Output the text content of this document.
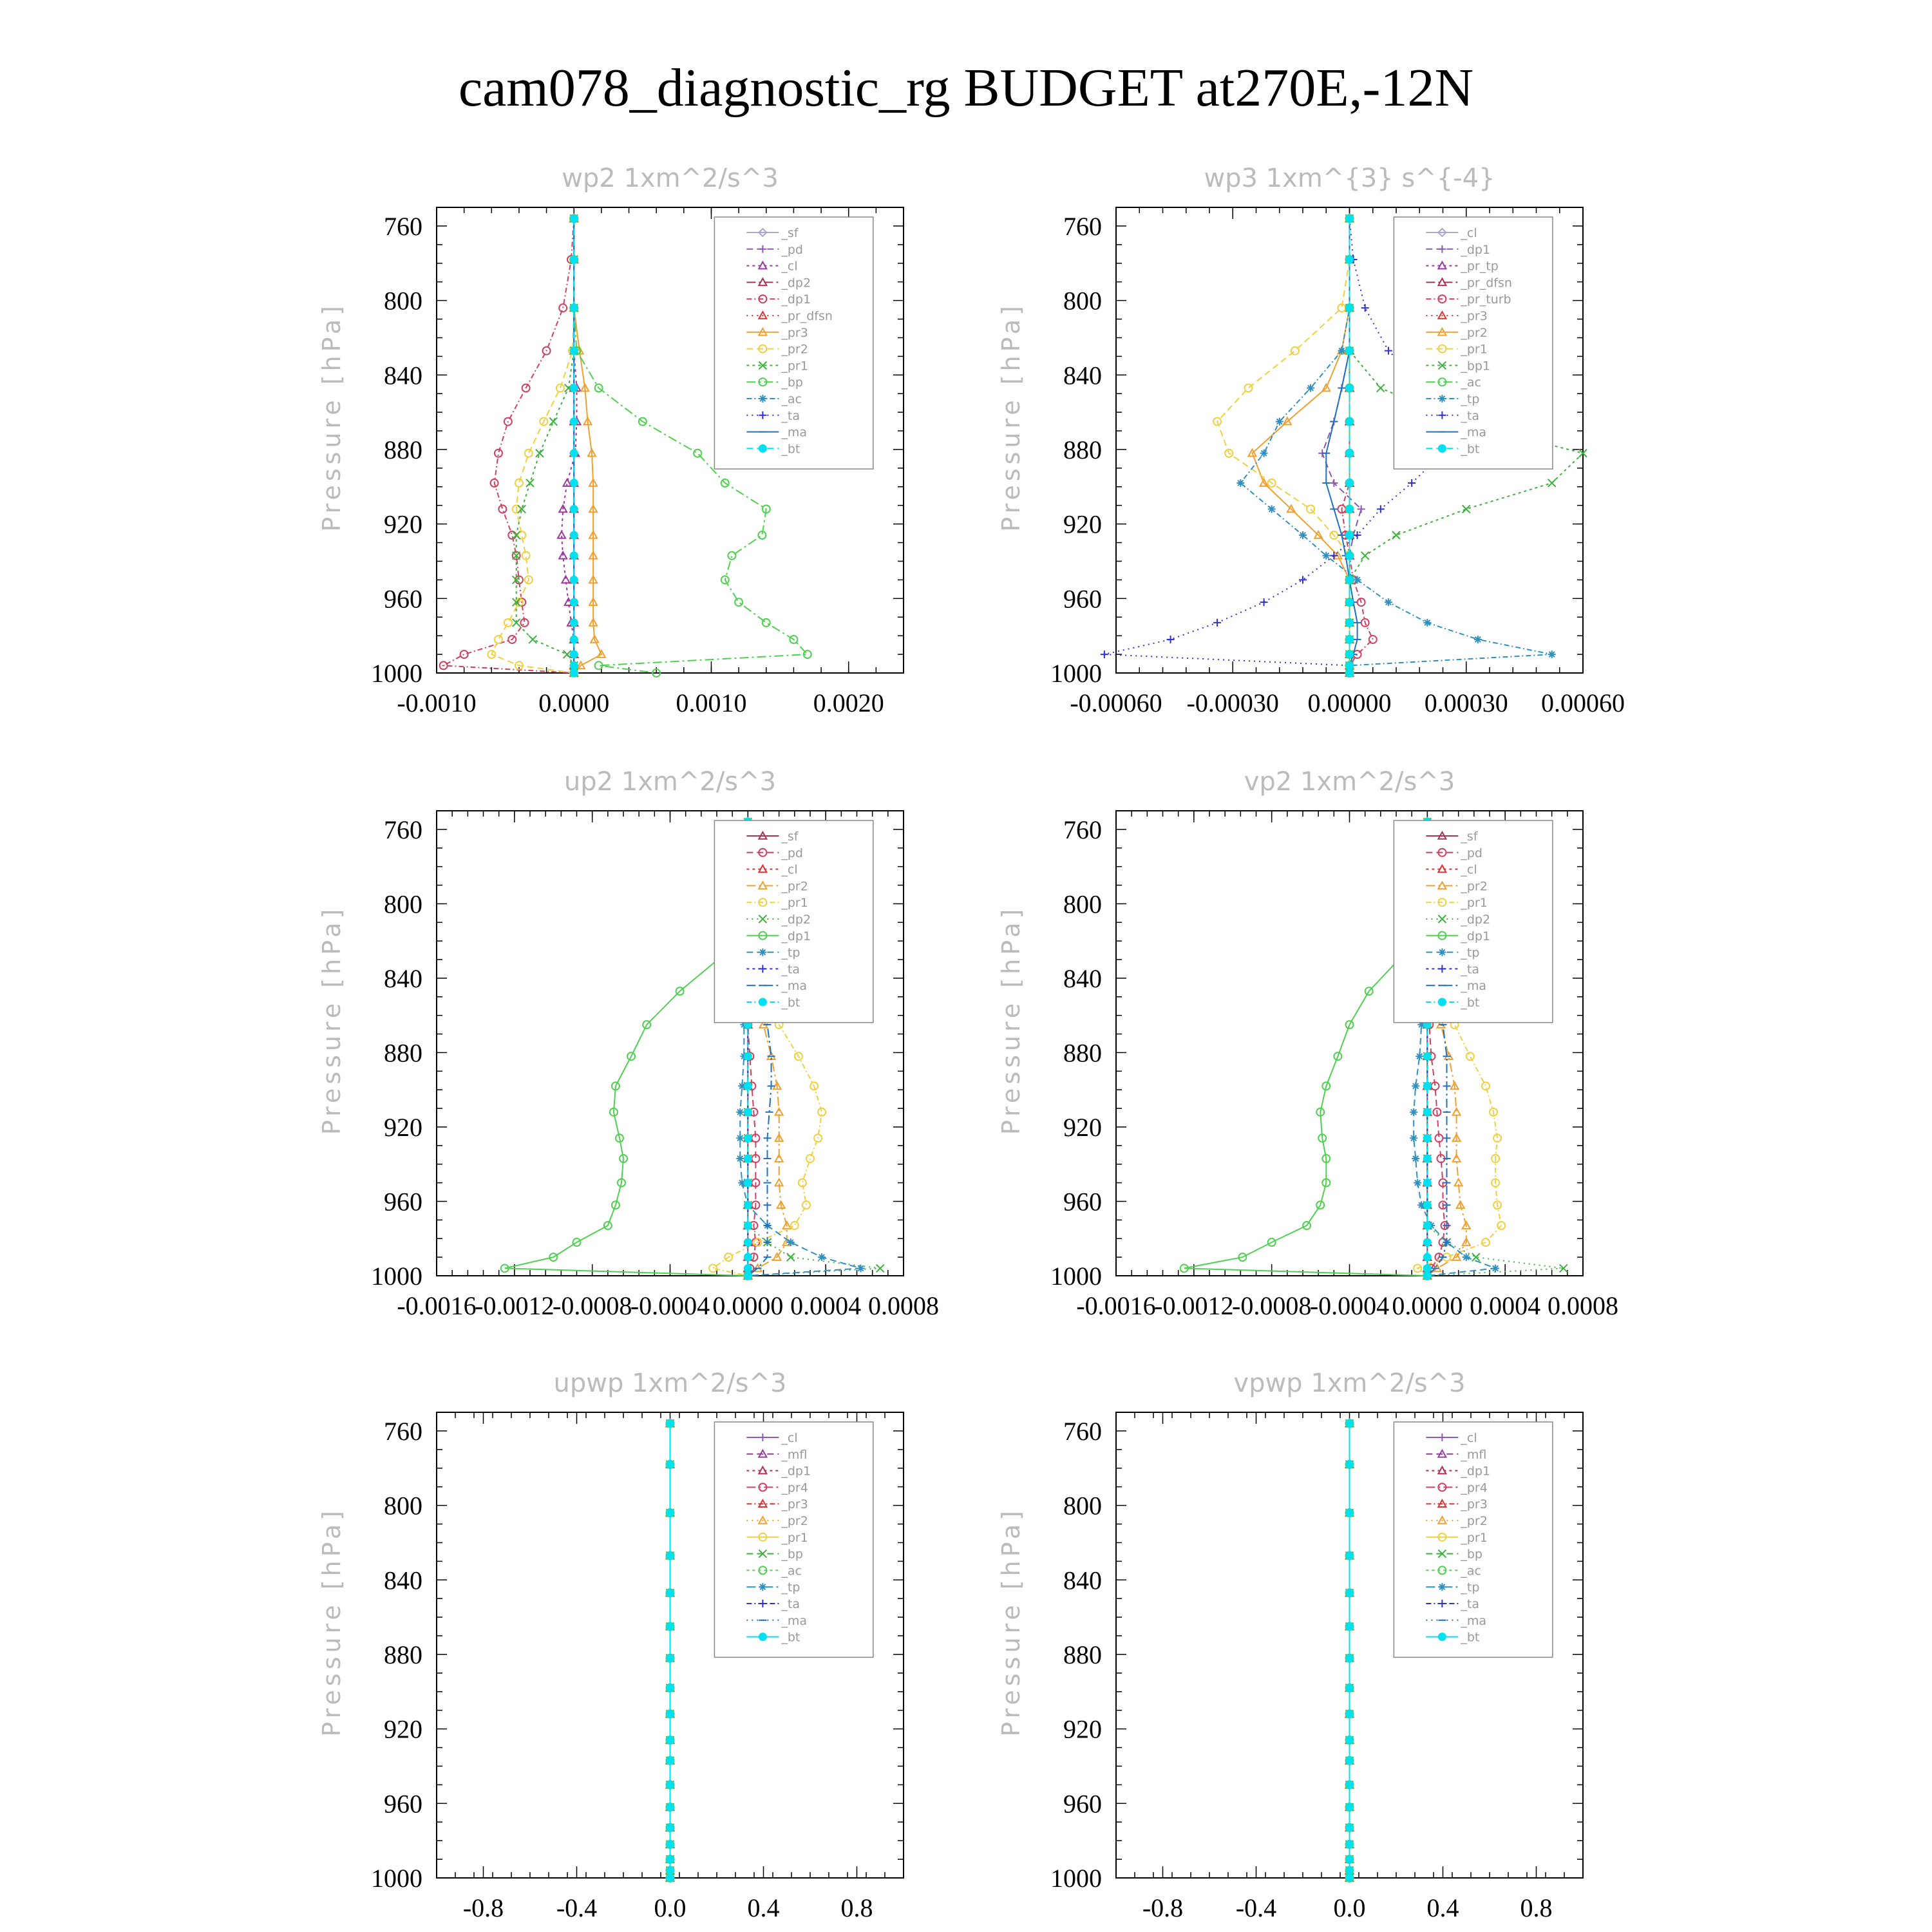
cam078_diagnostic_rg BUDGET at270E,-12N
wp2 1xm^2/s^3
Pressure [hPa]
760
800
840
880
920
960
1000
-0.0010 0.0000	0.0010	0.0020
_sf
_pd
_cl
_dp2
_dp1
_pr_dfsn
_pr3
_pr2
_pr1
_bp
_ac
_ta
_ma
_bt
wp3 1xm^{3} s^{-4}
Pressure [hPa]
760
800
840
880
920
960
1000
-0.00060 -0.00030 0.00000 0.00030 0.00060
_cl
_dp1
_pr_tp
_pr_dfsn
_pr_turb
_pr3
_pr2
_pr1
_bp1
_ac
_tp
_ta
_ma
_bt
up2 1xm^2/s^3
Pressure [hPa]
760
800
840
880
920
960
1000
-0.0016
-0.0012
-0.0008
-0.0004 0.0000 0.0004 0.0008
_sf
_pd
_cl
_pr2
_pr1
_dp2
_dp1
_tp
_ta
_ma
_bt
vp2 1xm^2/s^3
Pressure [hPa]
760
800
840
880
920
960
1000
-0.0016
-0.0012
-0.0008
-0.0004 0.0000 0.0004 0.0008
_sf
_pd
_cl
_pr2
_pr1
_dp2
_dp1
_tp
_ta
_ma
_bt
upwp 1xm^2/s^3
Pressure [hPa]
760
800
840
880
920
960
1000
-0.8 -0.4 0.0 0.4 0.8
_cl
_mfl
_dp1
_pr4
_pr3
_pr2
_pr1
_bp
_ac
_tp
_ta
_ma
_bt
vpwp 1xm^2/s^3
Pressure [hPa]
760
800
840
880
920
960
1000
-0.8 -0.4 0.0 0.4 0.8
_cl
_mfl
_dp1
_pr4
_pr3
_pr2
_pr1
_bp
_ac
_tp
_ta
_ma
_bt
